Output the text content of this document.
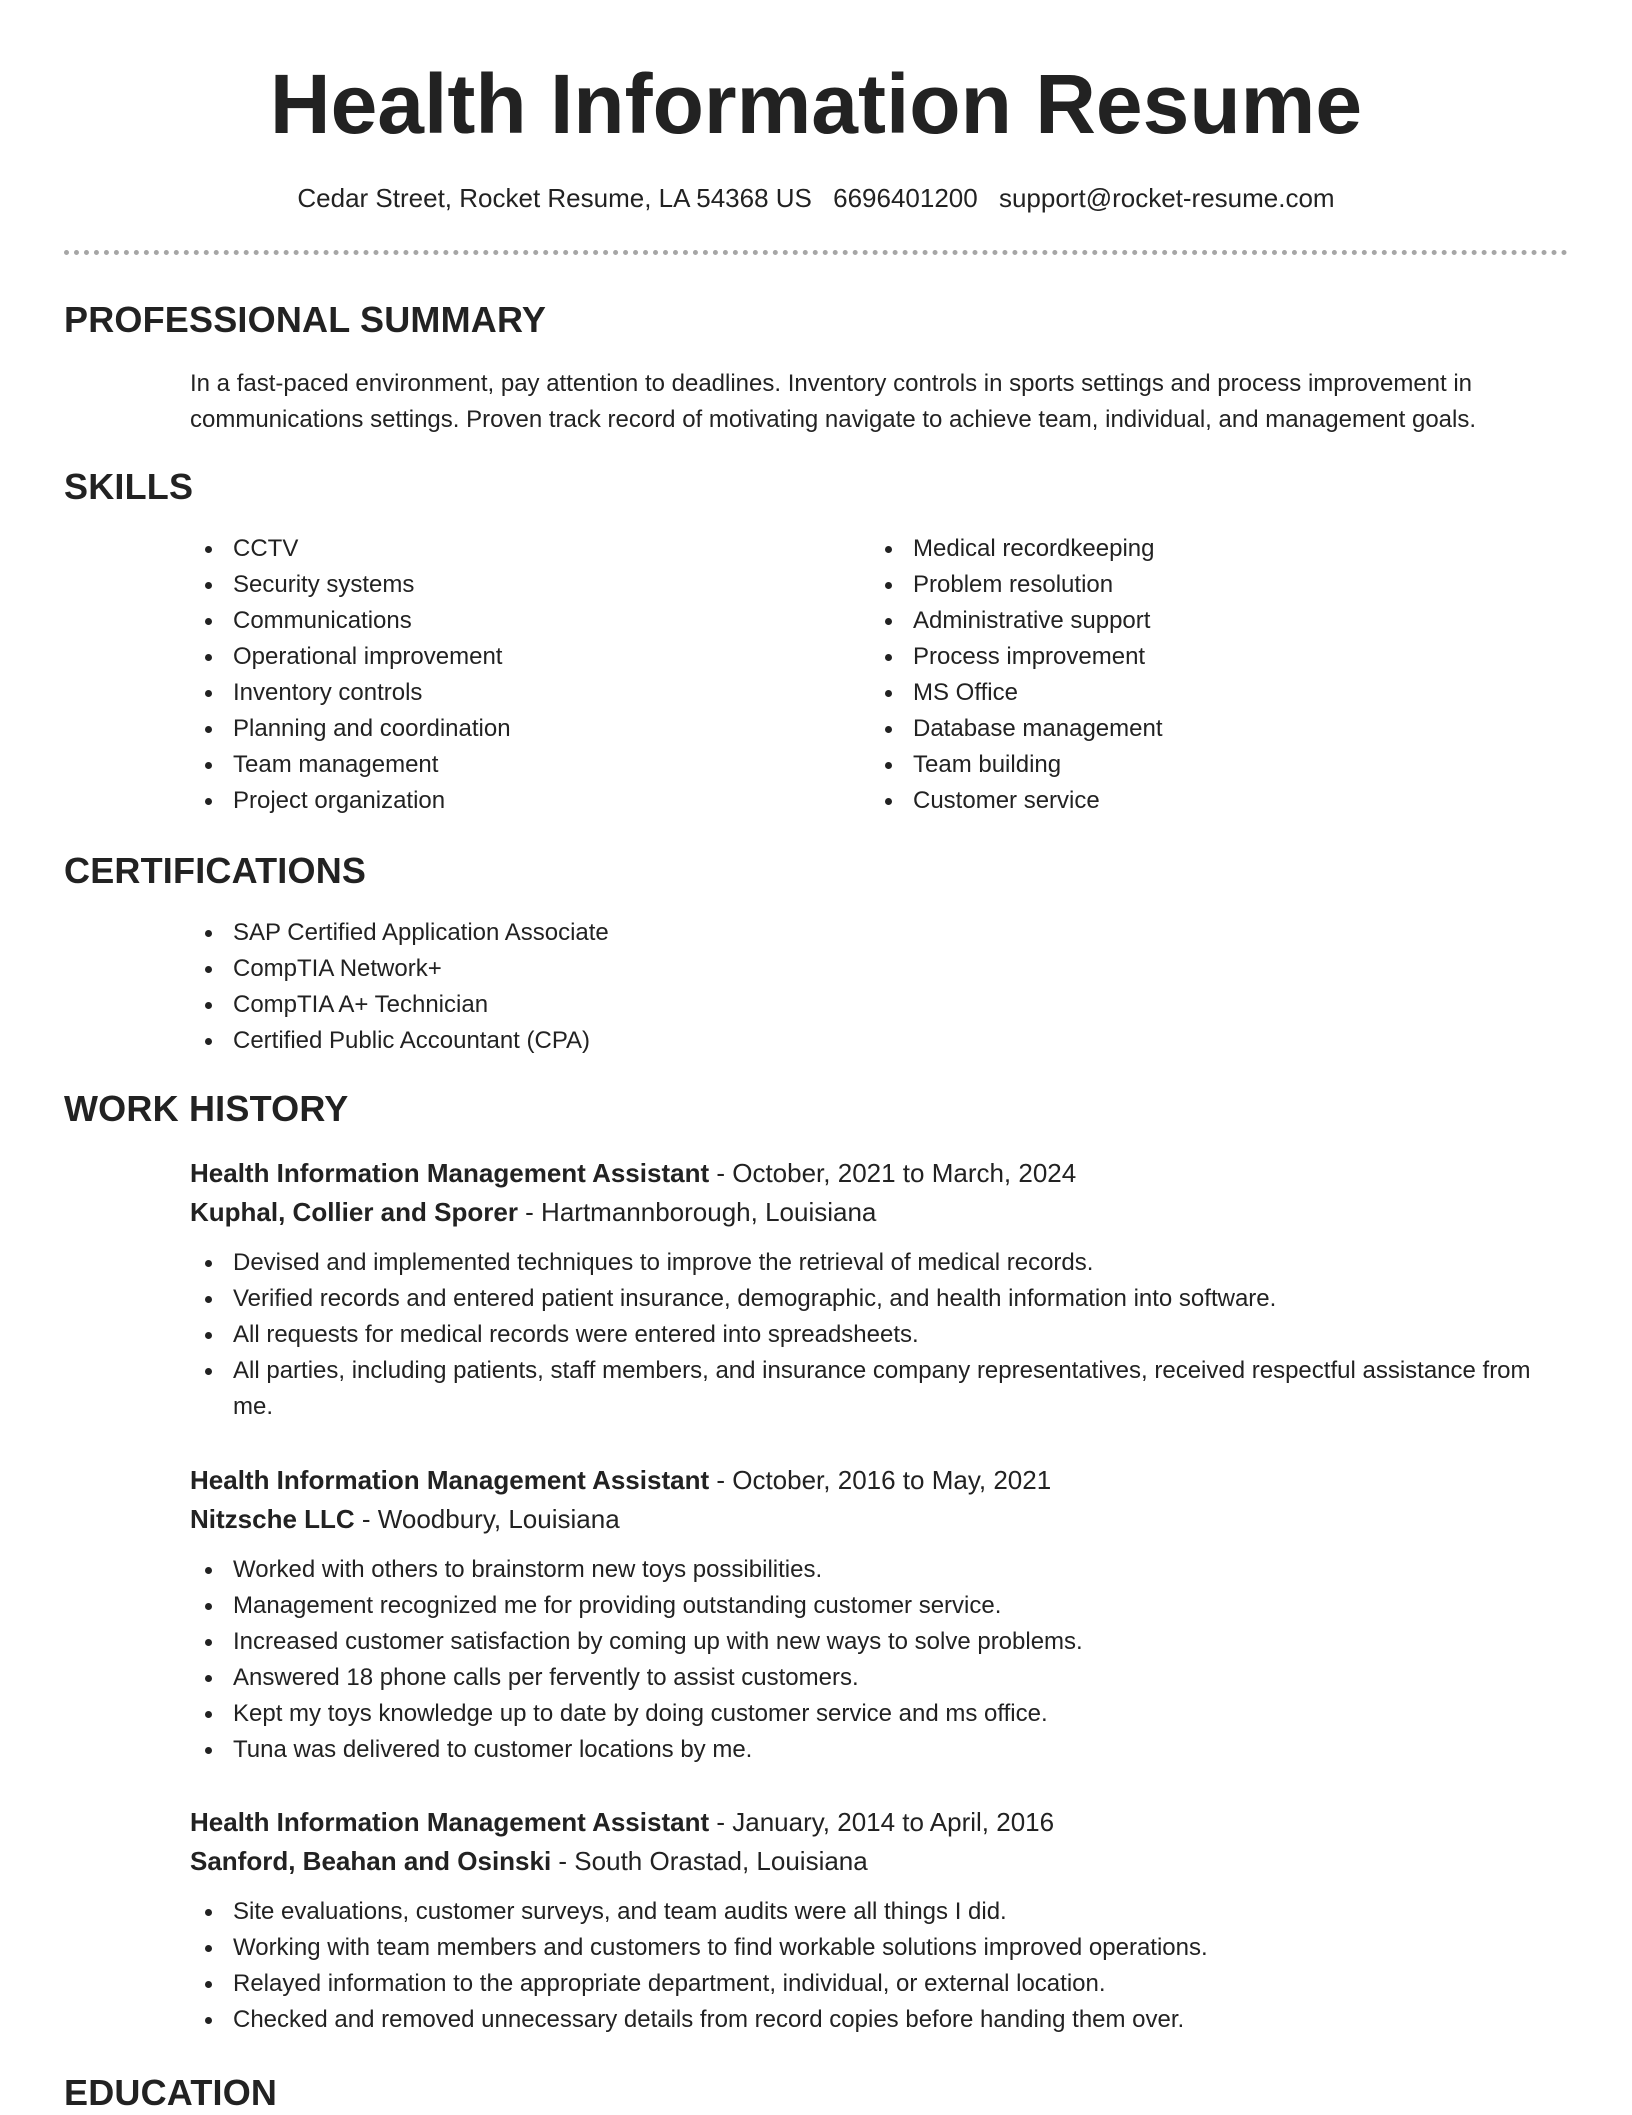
Health Information Resume
Cedar Street, Rocket Resume, LA 54368 US 6696401200 support@rocket-resume.com
PROFESSIONAL SUMMARY

In a fast-paced environment, pay attention to deadlines. Inventory controls in sports settings and process improvement in communications settings. Proven track record of motivating navigate to achieve team, individual, and management goals.

SKILLS
CCTV
Security systems
Communications
Operational improvement
Inventory controls
Planning and coordination
Team management
Project organization
Medical recordkeeping
Problem resolution
Administrative support
Process improvement
MS Office
Database management
Team building
Customer service
CERTIFICATIONS
SAP Certified Application Associate
CompTIA Network+
CompTIA A+ Technician
Certified Public Accountant (CPA)
WORK HISTORY

Health Information Management Assistant - October, 2021 to March, 2024

Kuphal, Collier and Sporer - Hartmannborough, Louisiana

Devised and implemented techniques to improve the retrieval of medical records.
Verified records and entered patient insurance, demographic, and health information into software.
All requests for medical records were entered into spreadsheets.
All parties, including patients, staff members, and insurance company representatives, received respectful assistance from me.

Health Information Management Assistant - October, 2016 to May, 2021

Nitzsche LLC - Woodbury, Louisiana

Worked with others to brainstorm new toys possibilities.
Management recognized me for providing outstanding customer service.
Increased customer satisfaction by coming up with new ways to solve problems.
Answered 18 phone calls per fervently to assist customers.
Kept my toys knowledge up to date by doing customer service and ms office.
Tuna was delivered to customer locations by me.

Health Information Management Assistant - January, 2014 to April, 2016

Sanford, Beahan and Osinski - South Orastad, Louisiana

Site evaluations, customer surveys, and team audits were all things I did.
Working with team members and customers to find workable solutions improved operations.
Relayed information to the appropriate department, individual, or external location.
Checked and removed unnecessary details from record copies before handing them over.
EDUCATION
